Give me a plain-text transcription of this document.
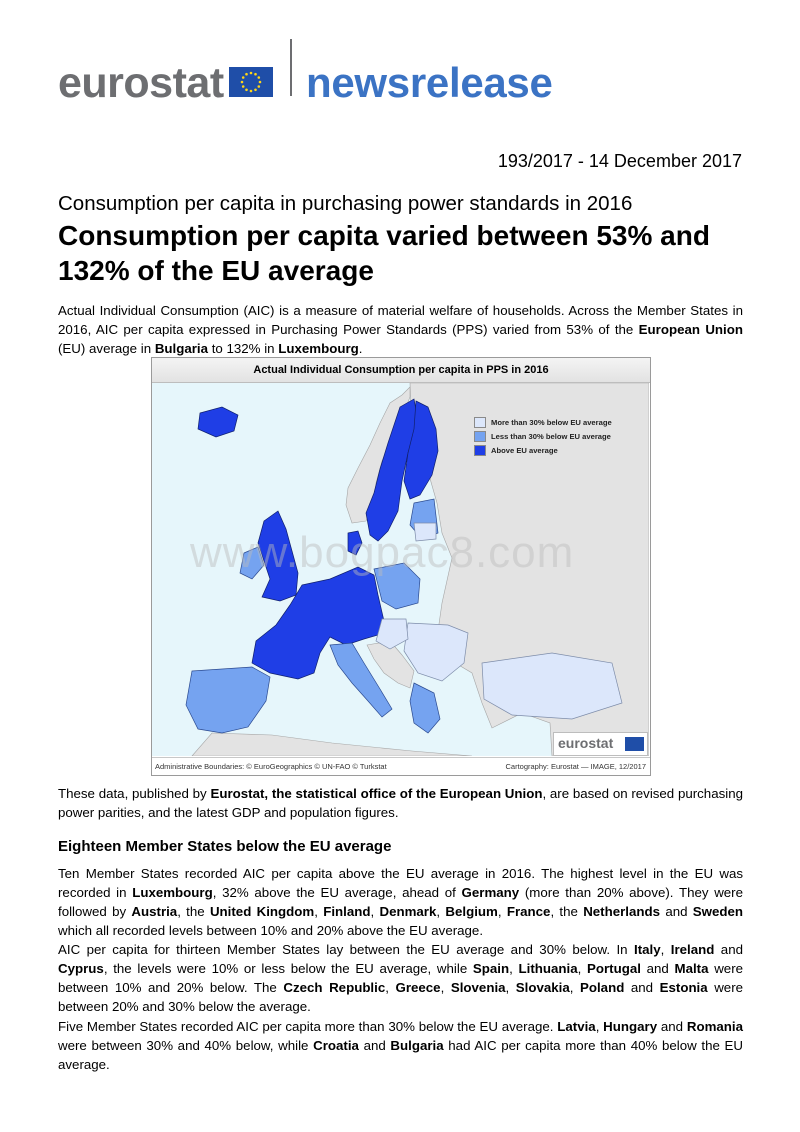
eurostat newsrelease
193/2017 - 14 December 2017
Consumption per capita in purchasing power standards in 2016
Consumption per capita varied between 53% and 132% of the EU average
Actual Individual Consumption (AIC) is a measure of material welfare of households. Across the Member States in 2016, AIC per capita expressed in Purchasing Power Standards (PPS) varied from 53% of the European Union (EU) average in Bulgaria to 132% in Luxembourg.
Actual Individual Consumption per capita in PPS in 2016
More than 30% below EU average
Less than 30% below EU average
Above EU average
eurostat
Administrative Boundaries: © EuroGeographics © UN-FAO © Turkstat	Cartography: Eurostat — IMAGE, 12/2017
www.bogpac8.com
These data, published by Eurostat, the statistical office of the European Union, are based on revised purchasing power parities, and the latest GDP and population figures.
Eighteen Member States below the EU average
Ten Member States recorded AIC per capita above the EU average in 2016. The highest level in the EU was recorded in Luxembourg, 32% above the EU average, ahead of Germany (more than 20% above). They were followed by Austria, the United Kingdom, Finland, Denmark, Belgium, France, the Netherlands and Sweden which all recorded levels between 10% and 20% above the EU average.
AIC per capita for thirteen Member States lay between the EU average and 30% below. In Italy, Ireland and Cyprus, the levels were 10% or less below the EU average, while Spain, Lithuania, Portugal and Malta were between 10% and 20% below. The Czech Republic, Greece, Slovenia, Slovakia, Poland and Estonia were between 20% and 30% below the average.
Five Member States recorded AIC per capita more than 30% below the EU average. Latvia, Hungary and Romania were between 30% and 40% below, while Croatia and Bulgaria had AIC per capita more than 40% below the EU average.
